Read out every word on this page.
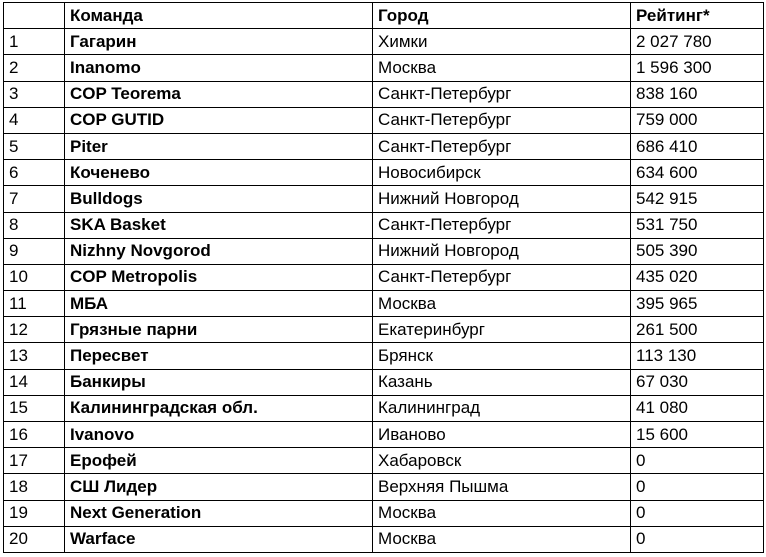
	Команда	Город	Рейтинг*
1	Гагарин	Химки	2 027 780
2	Inanomo	Москва	1 596 300
3	COP Teorema	Санкт-Петербург	838 160
4	COP GUTID	Санкт-Петербург	759 000
5	Piter	Санкт-Петербург	686 410
6	Коченево	Новосибирск	634 600
7	Bulldogs	Нижний Новгород	542 915
8	SKA Basket	Санкт-Петербург	531 750
9	Nizhny Novgorod	Нижний Новгород	505 390
10	COP Metropolis	Санкт-Петербург	435 020
11	МБА	Москва	395 965
12	Грязные парни	Екатеринбург	261 500
13	Пересвет	Брянск	113 130
14	Банкиры	Казань	67 030
15	Калининградская обл.	Калининград	41 080
16	Ivanovo	Иваново	15 600
17	Ерофей	Хабаровск	0
18	СШ Лидер	Верхняя Пышма	0
19	Next Generation	Москва	0
20	Warface	Москва	0
